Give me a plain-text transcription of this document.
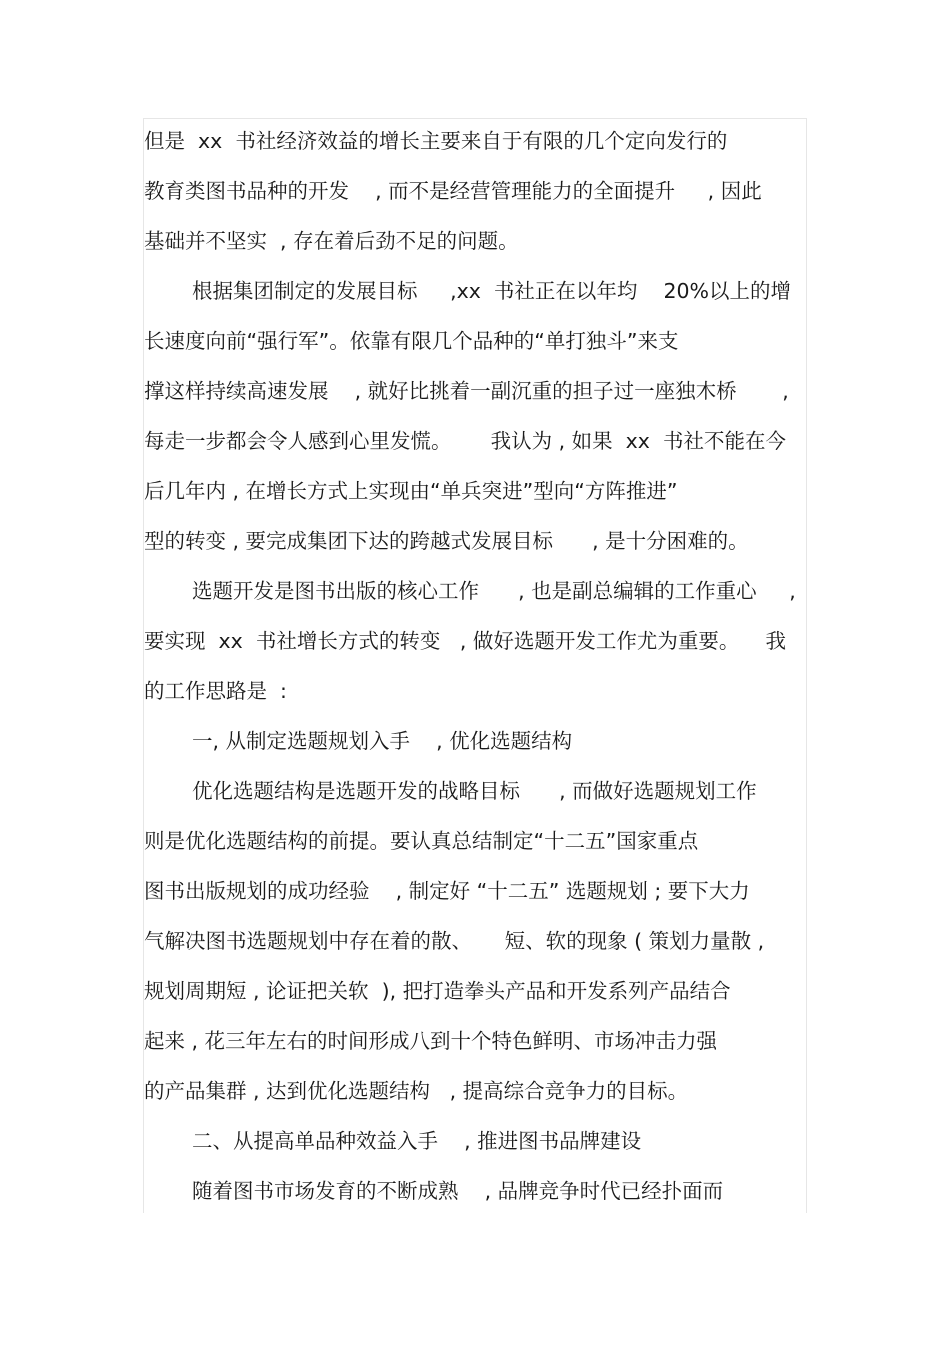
但是  xx  书社经济效益的增长主要来自于有限的几个定向发行的
教育类图书品种的开发    , 而不是经营管理能力的全面提升     , 因此
基础并不坚实  , 存在着后劲不足的问题。
根据集团制定的发展目标     ,xx  书社正在以年均    20%以上的增
长速度向前“强行军”。依靠有限几个品种的“单打独斗”来支
撑这样持续高速发展    , 就好比挑着一副沉重的担子过一座独木桥       ,
每走一步都会令人感到心里发慌。      我认为 , 如果  xx  书社不能在今
后几年内 , 在增长方式上实现由“单兵突进”型向“方阵推进”
型的转变 , 要完成集团下达的跨越式发展目标      , 是十分困难的。
选题开发是图书出版的核心工作      , 也是副总编辑的工作重心     ,
要实现  xx  书社增长方式的转变   , 做好选题开发工作尤为重要。    我
的工作思路是  :
一, 从制定选题规划入手    , 优化选题结构
优化选题结构是选题开发的战略目标      , 而做好选题规划工作
则是优化选题结构的前提。要认真总结制定“十二五”国家重点
图书出版规划的成功经验    , 制定好 “十二五” 选题规划 ; 要下大力
气解决图书选题规划中存在着的散、     短、软的现象 ( 策划力量散 ,
规划周期短 , 论证把关软  ), 把打造拳头产品和开发系列产品结合
起来 , 花三年左右的时间形成八到十个特色鲜明、市场冲击力强
的产品集群 , 达到优化选题结构   , 提高综合竞争力的目标。
二、从提高单品种效益入手    , 推进图书品牌建设
随着图书市场发育的不断成熟    , 品牌竞争时代已经扑面而
